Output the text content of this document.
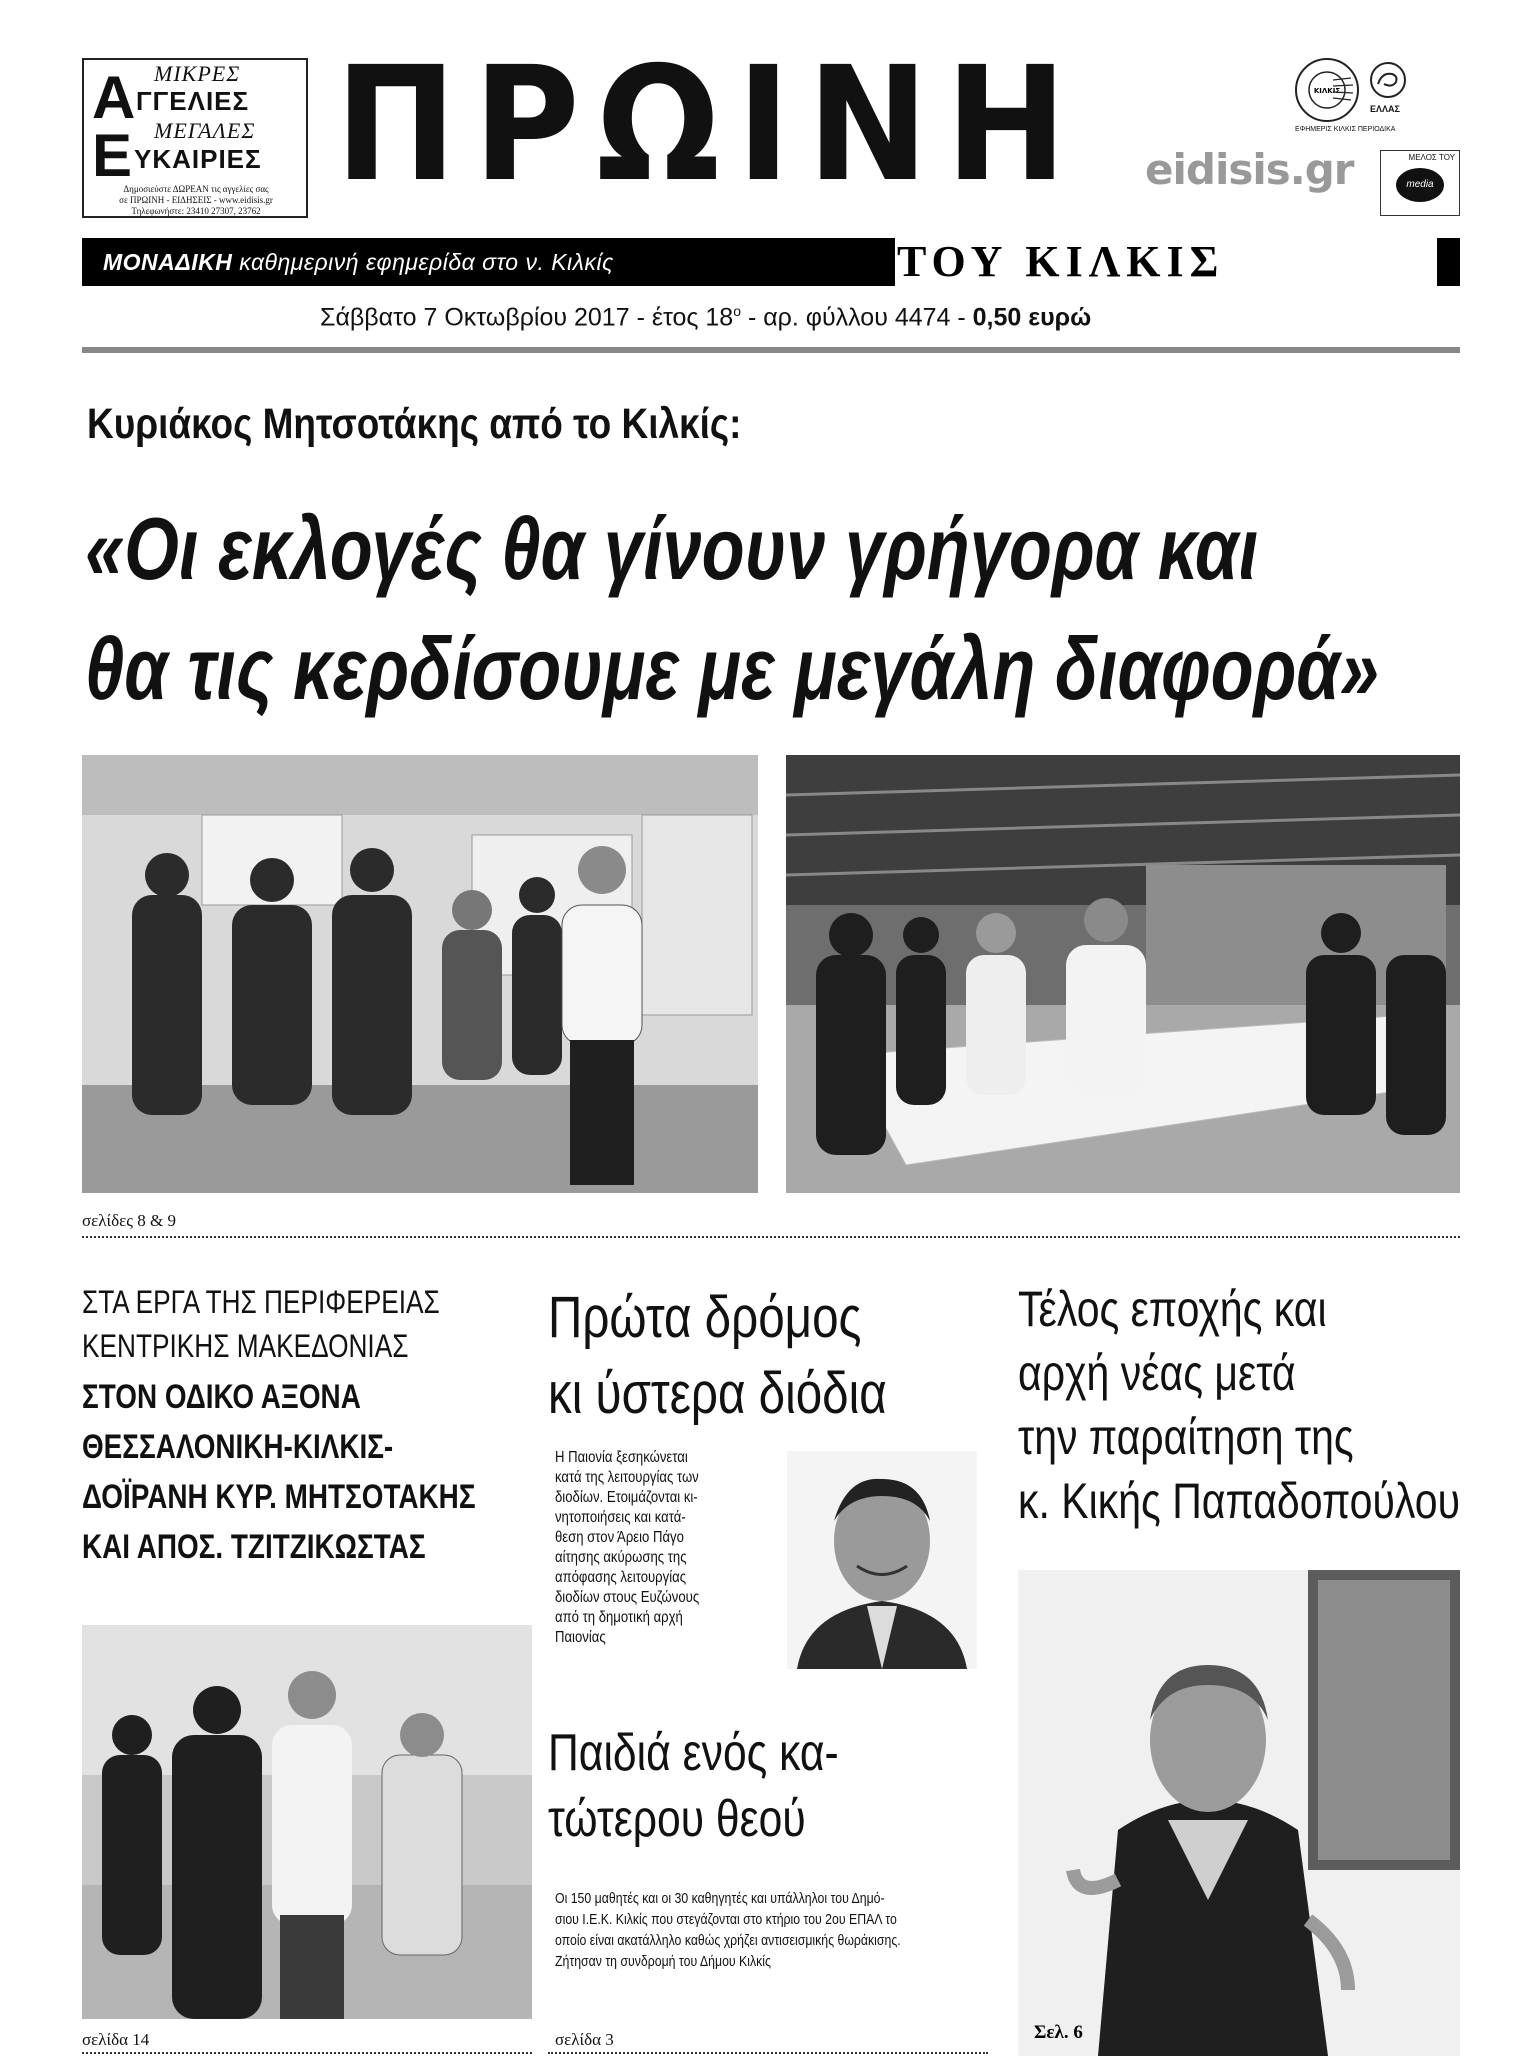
ΜΙΚΡΕΣ
Α ΓΓΕΛΙΕΣ
ΜΕΓΑΛΕΣ
Ε ΥΚΑΙΡΙΕΣ
Δημοσιεύστε ΔΩΡΕΑΝ τις αγγελίες σας
σε ΠΡΩΙΝΗ - ΕΙΔΗΣΕΙΣ - www.eidisis.gr
Τηλεφωνήστε: 23410 27307, 23762 ΠΡΩΙΝΗ	eidisis.gr
ΚΙΛΚΙΣ
ΕΦΗΜΕΡΙΣ ΚΙΛΚΙΣ ΠΕΡΙΟΔΙΚΑ
ΕΛΛΑΣ
ΜΕΛΟΣ ΤΟΥ
media
ΜΟΝΑΔΙΚΗ καθημερινή εφημερίδα στο ν. Κιλκίς	ΤΟΥ ΚΙΛΚΙΣ
Σάββατο 7 Οκτωβρίου 2017 - έτος $18^o$ - αρ. φύλλου 4474 - 0,50 ευρώ
Κυριάκος Μητσοτάκης από το Κιλκίς:
«Οι εκλογές θα γίνουν γρήγορα και
θα τις κερδίσουμε με μεγάλη διαφορά»
σελίδες 8 & 9
ΣΤΑ ΕΡΓΑ ΤΗΣ ΠΕΡΙΦΕΡΕΙΑΣ
ΚΕΝΤΡΙΚΗΣ ΜΑΚΕΔΟΝΙΑΣ
ΣΤΟΝ ΟΔΙΚΟ ΑΞΟΝΑ
ΘΕΣΣΑΛΟΝΙΚΗ-ΚΙΛΚΙΣ-
ΔΟΪΡΑΝΗ ΚΥΡ. ΜΗΤΣΟΤΑΚΗΣ
ΚΑΙ ΑΠΟΣ. ΤΖΙΤΖΙΚΩΣΤΑΣ
σελίδα 14
Πρώτα δρόμος
κι ύστερα διόδια
Η Παιονία ξεσηκώνεται
κατά της λειτουργίας των
διοδίων. Ετοιμάζονται κι-
νητοποιήσεις και κατά-
θεση στον Άρειο Πάγο
αίτησης ακύρωσης της
απόφασης λειτουργίας
διοδίων στους Ευζώνους
από τη δημοτική αρχή
Παιονίας
Παιδιά ενός κα-
τώτερου θεού
Οι 150 μαθητές και οι 30 καθηγητές και υπάλληλοι του Δημό-
σιου Ι.Ε.Κ. Κιλκίς που στεγάζονται στο κτήριο του 2ου ΕΠΑΛ το
οποίο είναι ακατάλληλο καθώς χρήζει αντισεισμικής θωράκισης.
Ζήτησαν τη συνδρομή του Δήμου Κιλκίς
σελίδα 3
Τέλος εποχής και
αρχή νέας μετά
την παραίτηση της
κ. Κικής Παπαδοπούλου
Σελ. 6
